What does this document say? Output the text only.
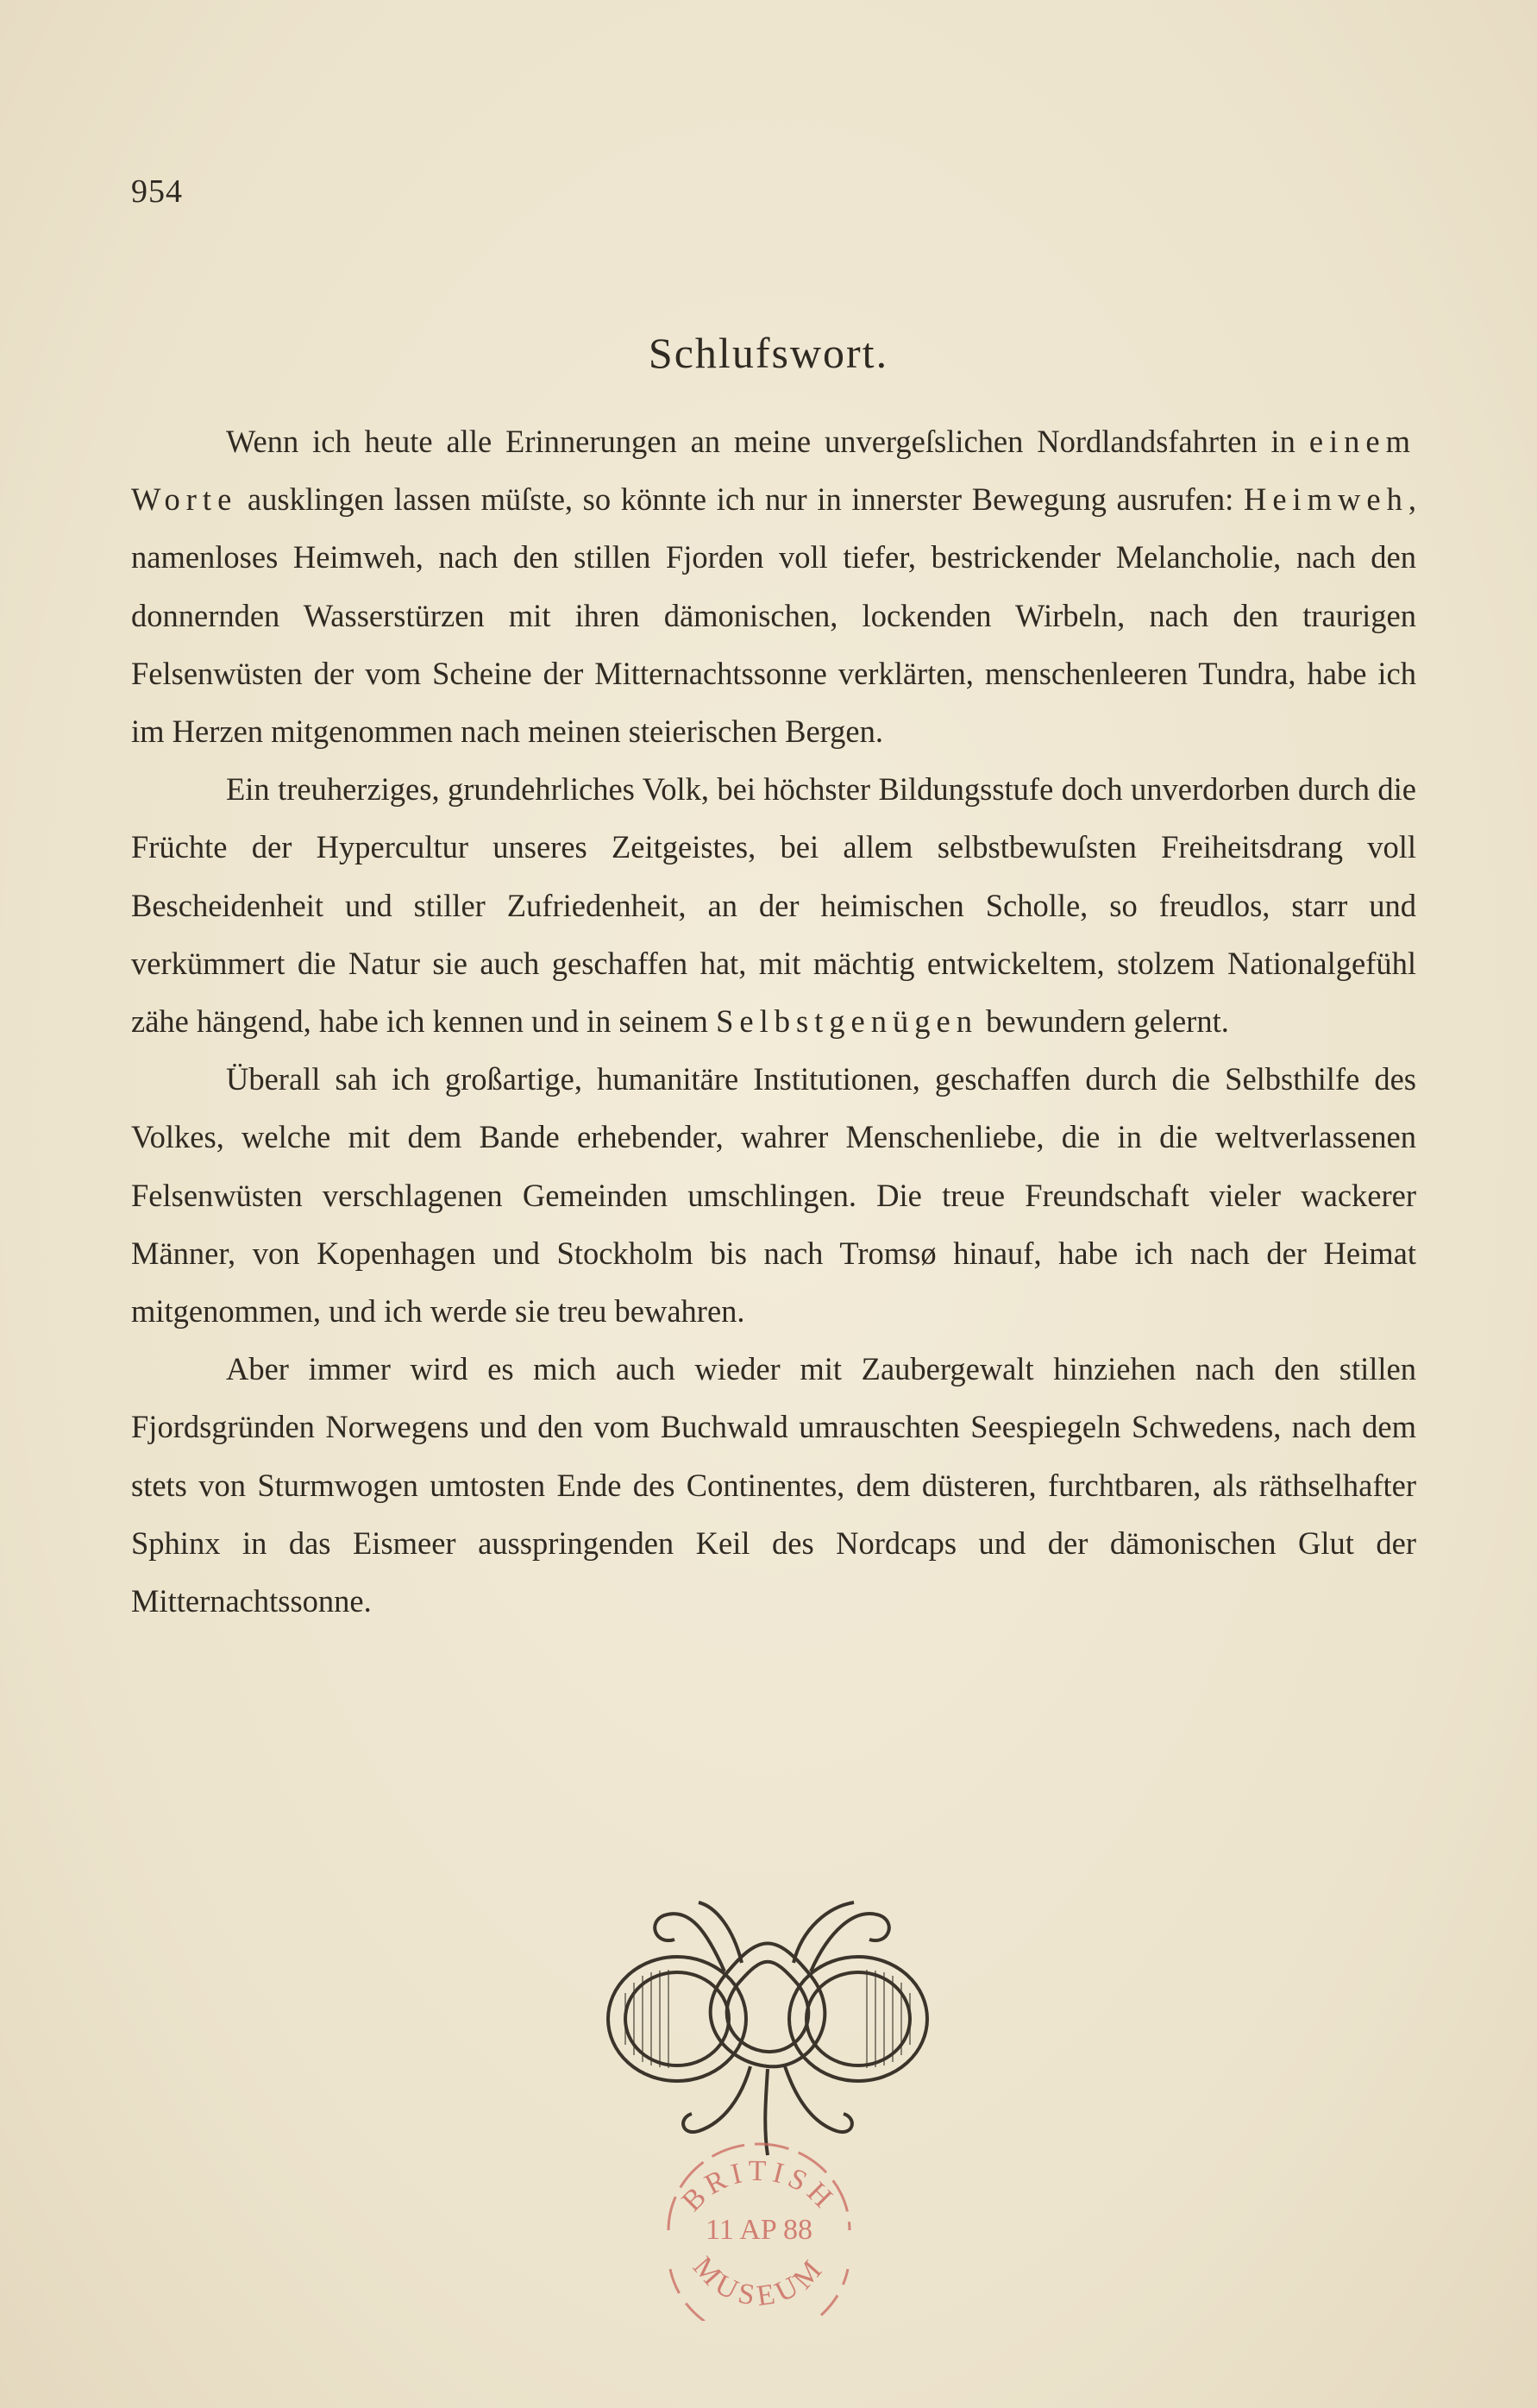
954
Schlufswort.

Wenn ich heute alle Erinnerungen an meine unvergeſslichen Nordlandsfahrten in einem Worte ausklingen lassen müſste, so könnte ich nur in innerster Bewegung ausrufen: Heimweh, namenloses Heimweh, nach den stillen Fjorden voll tiefer, bestrickender Melancholie, nach den donnernden Wasserstürzen mit ihren dämonischen, lockenden Wirbeln, nach den traurigen Felsenwüsten der vom Scheine der Mitternachtssonne verklärten, menschenleeren Tundra, habe ich im Herzen mitgenommen nach meinen steierischen Bergen.

Ein treuherziges, grundehrliches Volk, bei höchster Bildungsstufe doch unverdorben durch die Früchte der Hypercultur unseres Zeitgeistes, bei allem selbstbewuſsten Freiheitsdrang voll Bescheidenheit und stiller Zufriedenheit, an der heimischen Scholle, so freudlos, starr und verkümmert die Natur sie auch geschaffen hat, mit mächtig entwickeltem, stolzem Nationalgefühl zähe hängend, habe ich kennen und in seinem Selbstgenügen bewundern gelernt.

Überall sah ich großartige, humanitäre Institutionen, geschaffen durch die Selbsthilfe des Volkes, welche mit dem Bande erhebender, wahrer Menschenliebe, die in die weltverlassenen Felsenwüsten verschlagenen Gemeinden umschlingen. Die treue Freundschaft vieler wackerer Männer, von Kopenhagen und Stockholm bis nach Tromsø hinauf, habe ich nach der Heimat mitgenommen, und ich werde sie treu bewahren.

Aber immer wird es mich auch wieder mit Zaubergewalt hinziehen nach den stillen Fjordsgründen Norwegens und den vom Buchwald umrauschten Seespiegeln Schwedens, nach dem stets von Sturmwogen umtosten Ende des Continentes, dem düsteren, furchtbaren, als räthselhafter Sphinx in das Eismeer ausspringenden Keil des Nordcaps und der dämonischen Glut der Mitternachtssonne.

BRITISH
11 AP 88
MUSEUM
